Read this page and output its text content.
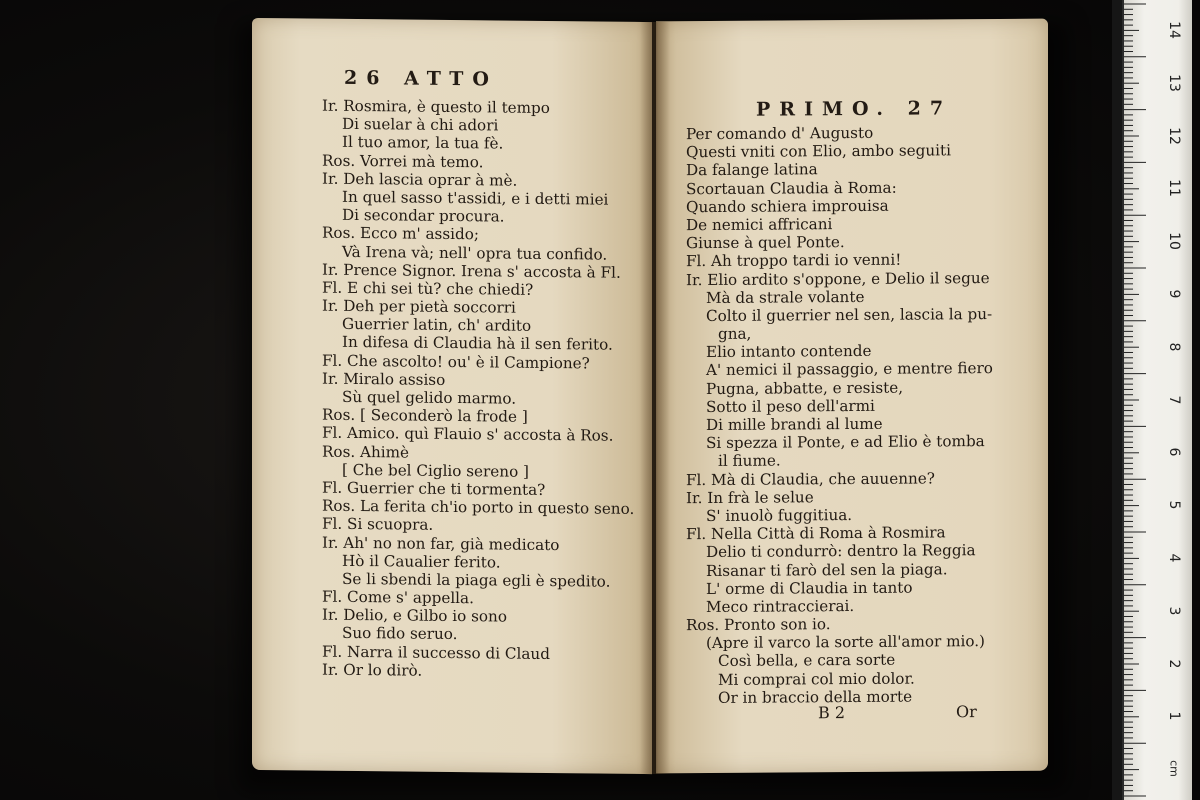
26 ATTO
Ir. Rosmira, è questo il tempo
Di suelar à chi adori
Il tuo amor, la tua fè.
Ros. Vorrei mà temo.
Ir. Deh lascia oprar à mè.
In quel sasso t'assidi, e i detti miei
Di secondar procura.
Ros. Ecco m' assido;
Và Irena và; nell' opra tua confido.
Ir. Prence Signor. Irena s' accosta à Fl.
Fl. E chi sei tù? che chiedi?
Ir. Deh per pietà soccorri
Guerrier latin, ch' ardito
In difesa di Claudia hà il sen ferito.
Fl. Che ascolto! ou' è il Campione?
Ir. Miralo assiso
Sù quel gelido marmo.
Ros. [ Seconderò la frode ]
Fl. Amico. quì Flauio s' accosta à Ros.
Ros. Ahimè
[ Che bel Ciglio sereno ]
Fl. Guerrier che ti tormenta?
Ros. La ferita ch'io porto in questo seno.
Fl. Si scuopra.
Ir. Ah' no non far, già medicato
Hò il Caualier ferito.
Se li sbendi la piaga egli è spedito.
Fl. Come s' appella.
Ir. Delio, e Gilbo io sono
Suo fido seruo.
Fl. Narra il successo di Claud
Ir. Or lo dirò.
PRIMO. 27
Per comando d' Augusto
Questi vniti con Elio, ambo seguiti
Da falange latina
Scortauan Claudia à Roma:
Quando schiera improuisa
De nemici affricani
Giunse à quel Ponte.
Fl. Ah troppo tardi io venni!
Ir. Elio ardito s'oppone, e Delio il segue
Mà da strale volante
Colto il guerrier nel sen, lascia la pu-
gna,
Elio intanto contende
A' nemici il passaggio, e mentre fiero
Pugna, abbatte, e resiste,
Sotto il peso dell'armi
Di mille brandi al lume
Si spezza il Ponte, e ad Elio è tomba
il fiume.
Fl. Mà di Claudia, che auuenne?
Ir. In frà le selue
S' inuolò fuggitiua.
Fl. Nella Città di Roma à Rosmira
Delio ti condurrò: dentro la Reggia
Risanar ti farò del sen la piaga.
L' orme di Claudia in tanto
Meco rintraccierai.
Ros. Pronto son io.
(Apre il varco la sorte all'amor mio.)
Così bella, e cara sorte
Mi comprai col mio dolor.
Or in braccio della morte
B 2	Or
14
13
12
11
10
9
8
7
6
5
4
3
2
1
cm
